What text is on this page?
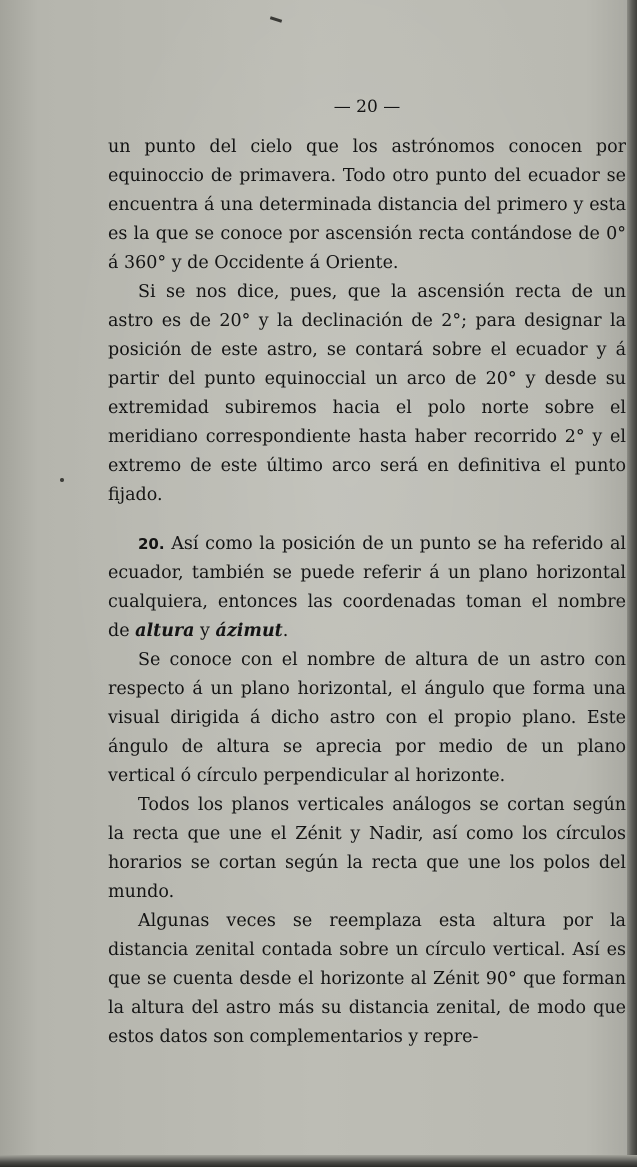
— 20 —

un punto del cielo que los astrónomos conocen por equinoccio de primavera. Todo otro punto del ecuador se encuentra á una determinada distancia del primero y esta es la que se conoce por ascensión recta contándose de 0° á 360° y de Occidente á Oriente.

Si se nos dice, pues, que la ascensión recta de un astro es de 20° y la declinación de 2°; para designar la posición de este astro, se contará sobre el ecuador y á partir del punto equinoccial un arco de 20° y desde su extremidad subiremos hacia el polo norte sobre el meridiano correspondiente hasta haber recorrido 2° y el extremo de este último arco será en definitiva el punto fijado.

20. Así como la posición de un punto se ha referido al ecuador, también se puede referir á un plano horizontal cualquiera, entonces las coordenadas toman el nombre de altura y ázimut.

Se conoce con el nombre de altura de un astro con respecto á un plano horizontal, el ángulo que forma una visual dirigida á dicho astro con el propio plano. Este ángulo de altura se aprecia por medio de un plano vertical ó círculo perpendicular al horizonte.

Todos los planos verticales análogos se cortan según la recta que une el Zénit y Nadir, así como los círculos horarios se cortan según la recta que une los polos del mundo.

Algunas veces se reemplaza esta altura por la distancia zenital contada sobre un círculo vertical. Así es que se cuenta desde el horizonte al Zénit 90° que forman la altura del astro más su distancia zenital, de modo que estos datos son complementarios y repre-
